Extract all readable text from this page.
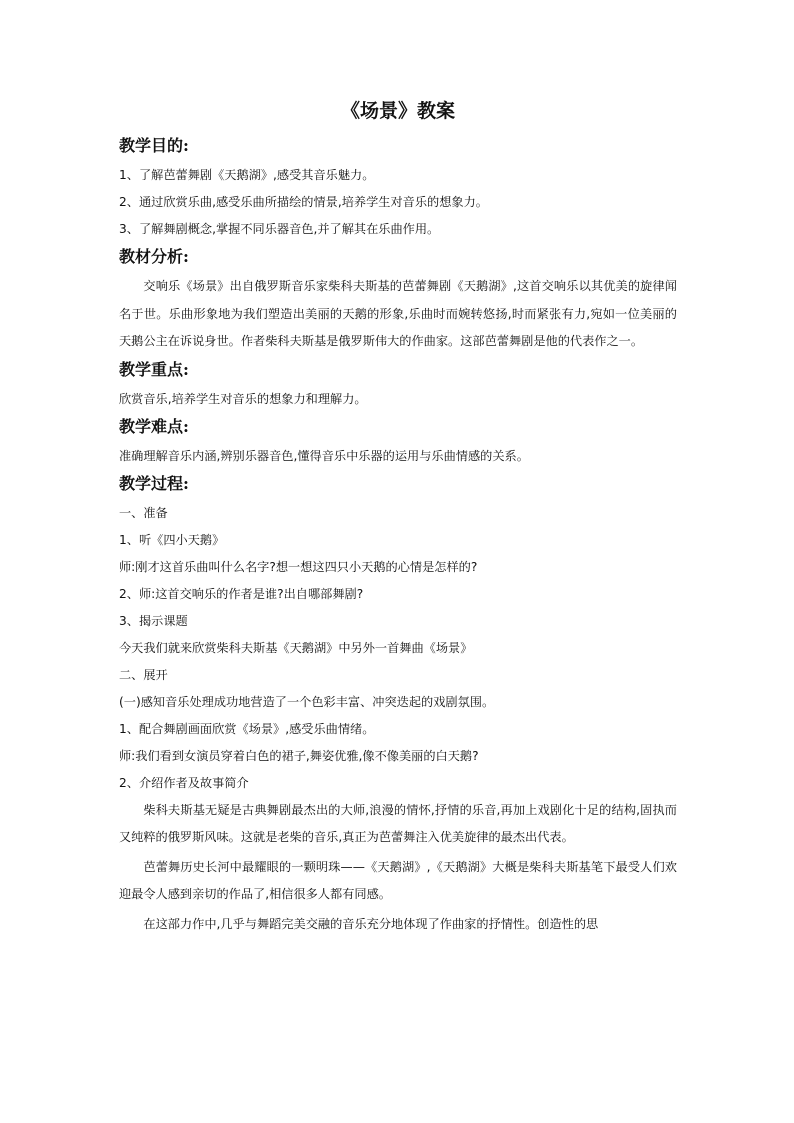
《场景》教案
教学目的:

1、了解芭蕾舞剧《天鹅湖》,感受其音乐魅力。

2、通过欣赏乐曲,感受乐曲所描绘的情景,培养学生对音乐的想象力。

3、了解舞剧概念,掌握不同乐器音色,并了解其在乐曲作用。

教材分析:

交响乐《场景》出自俄罗斯音乐家柴科夫斯基的芭蕾舞剧《天鹅湖》,这首交响乐以其优美的旋律闻名于世。乐曲形象地为我们塑造出美丽的天鹅的形象,乐曲时而婉转悠扬,时而紧张有力,宛如一位美丽的天鹅公主在诉说身世。作者柴科夫斯基是俄罗斯伟大的作曲家。这部芭蕾舞剧是他的代表作之一。

教学重点:

欣赏音乐,培养学生对音乐的想象力和理解力。

教学难点:

准确理解音乐内涵,辨别乐器音色,懂得音乐中乐器的运用与乐曲情感的关系。

教学过程:

一、准备

1、听《四小天鹅》

师:刚才这首乐曲叫什么名字?想一想这四只小天鹅的心情是怎样的?

2、师:这首交响乐的作者是谁?出自哪部舞剧?

3、揭示课题

今天我们就来欣赏柴科夫斯基《天鹅湖》中另外一首舞曲《场景》

二、展开

(一)感知音乐处理成功地营造了一个色彩丰富、冲突迭起的戏剧氛围。

1、配合舞剧画面欣赏《场景》,感受乐曲情绪。

师:我们看到女演员穿着白色的裙子,舞姿优雅,像不像美丽的白天鹅?

2、介绍作者及故事简介

柴科夫斯基无疑是古典舞剧最杰出的大师,浪漫的情怀,抒情的乐音,再加上戏剧化十足的结构,固执而又纯粹的俄罗斯风味。这就是老柴的音乐,真正为芭蕾舞注入优美旋律的最杰出代表。

芭蕾舞历史长河中最耀眼的一颗明珠——《天鹅湖》,《天鹅湖》大概是柴科夫斯基笔下最受人们欢迎最令人感到亲切的作品了,相信很多人都有同感。

在这部力作中,几乎与舞蹈完美交融的音乐充分地体现了作曲家的抒情性。创造性的思
